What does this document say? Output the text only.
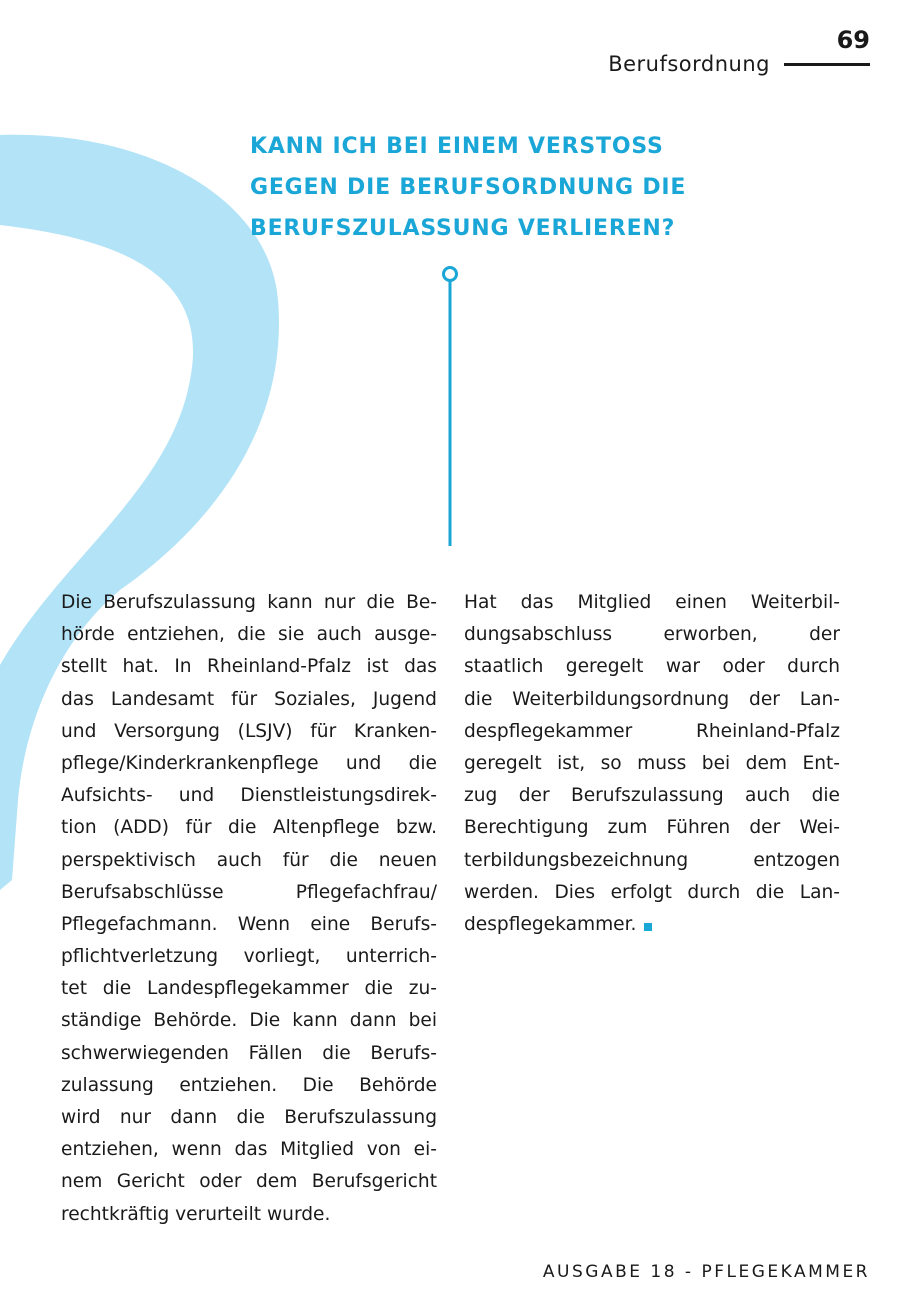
69
Berufsordnung
KANN ICH BEI EINEM VERSTOSS
GEGEN DIE BERUFSORDNUNG DIE
BERUFSZULASSUNG VERLIEREN?
Die Berufszulassung kann nur die Be-
hörde entziehen, die sie auch ausge-
stellt hat. In Rheinland-Pfalz ist das
das Landesamt für Soziales, Jugend
und Versorgung (LSJV) für Kranken-
pflege/Kinderkrankenpflege und die
Aufsichts- und Dienstleistungsdirek-
tion (ADD) für die Altenpflege bzw.
perspektivisch auch für die neuen
Berufsabschlüsse Pflegefachfrau/
Pflegefachmann. Wenn eine Berufs-
pflichtverletzung vorliegt, unterrich-
tet die Landespflegekammer die zu-
ständige Behörde. Die kann dann bei
schwerwiegenden Fällen die Berufs-
zulassung entziehen. Die Behörde
wird nur dann die Berufszulassung
entziehen, wenn das Mitglied von ei-
nem Gericht oder dem Berufsgericht
rechtkräftig verurteilt wurde.
Hat das Mitglied einen Weiterbil-
dungsabschluss erworben, der
staatlich geregelt war oder durch
die Weiterbildungsordnung der Lan-
despflegekammer Rheinland-Pfalz
geregelt ist, so muss bei dem Ent-
zug der Berufszulassung auch die
Berechtigung zum Führen der Wei-
terbildungsbezeichnung entzogen
werden. Dies erfolgt durch die Lan-
despflegekammer.
AUSGABE 18 - PFLEGEKAMMER
